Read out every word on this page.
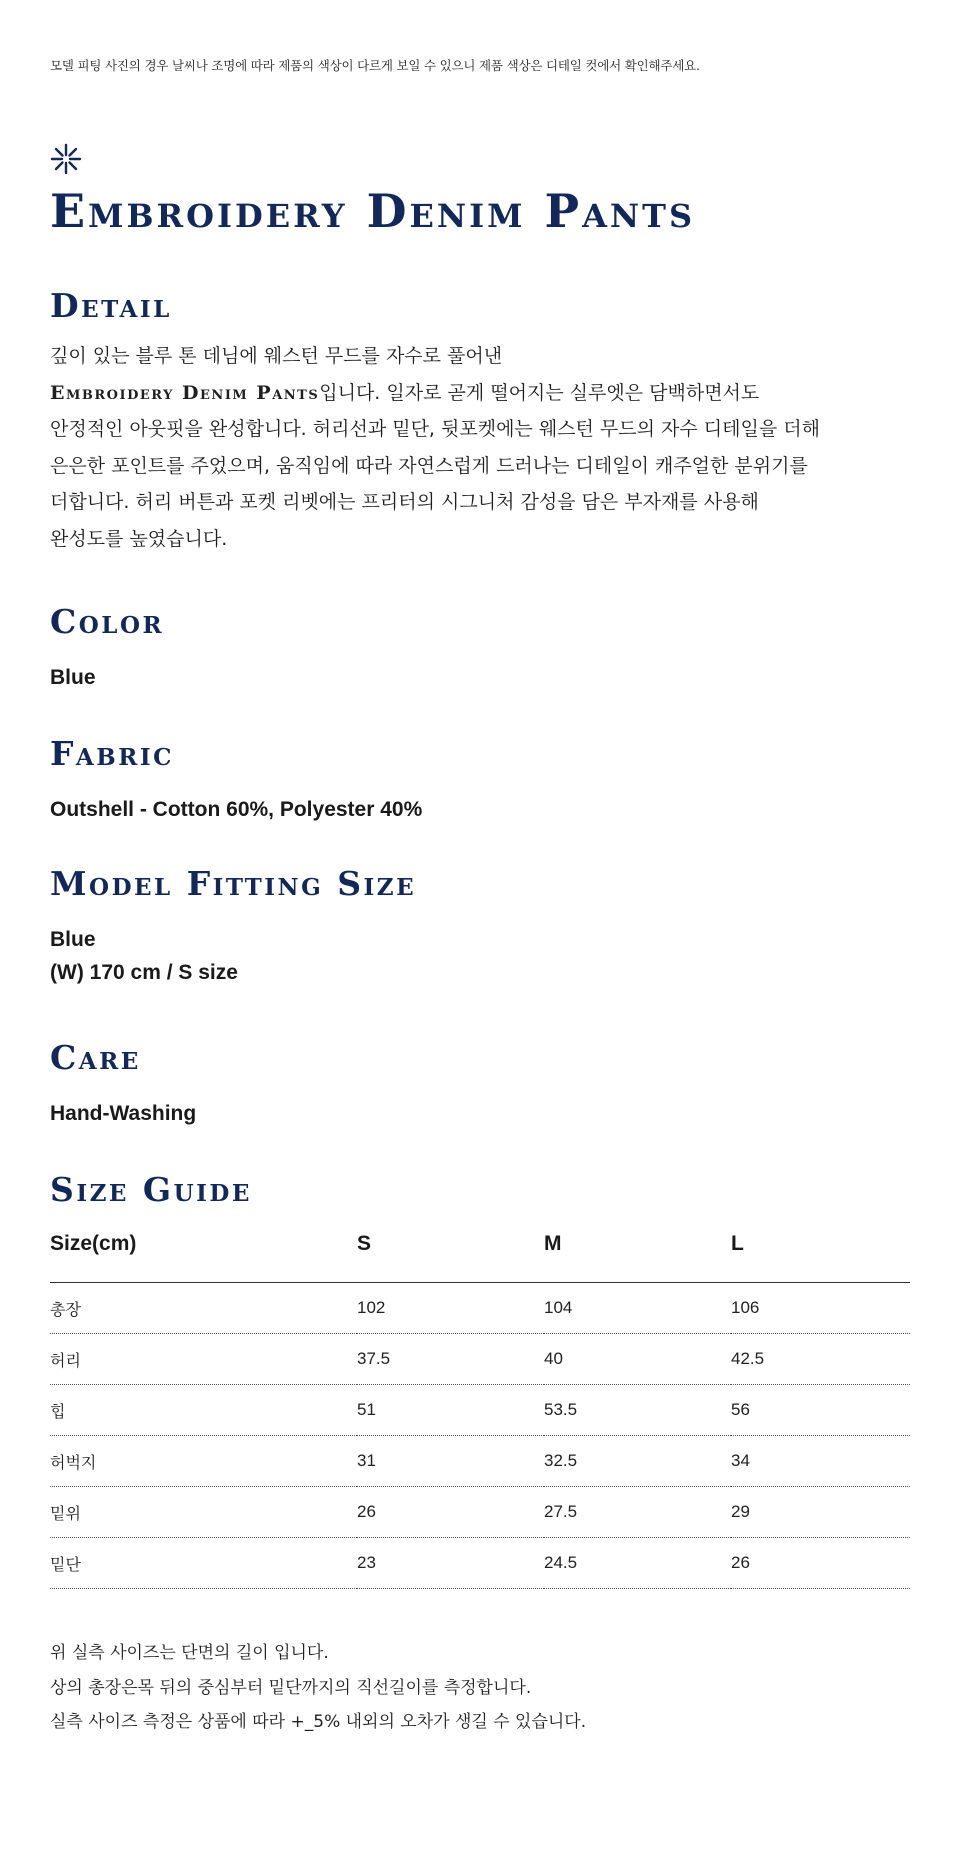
모델 피팅 사진의 경우 날씨나 조명에 따라 제품의 색상이 다르게 보일 수 있으니 제품 색상은 디테일 컷에서 확인해주세요.
Embroidery Denim Pants
Detail
깊이 있는 블루 톤 데님에 웨스턴 무드를 자수로 풀어낸
Embroidery Denim Pants입니다. 일자로 곧게 떨어지는 실루엣은 담백하면서도
안정적인 아웃핏을 완성합니다. 허리선과 밑단, 뒷포켓에는 웨스턴 무드의 자수 디테일을 더해
은은한 포인트를 주었으며, 움직임에 따라 자연스럽게 드러나는 디테일이 캐주얼한 분위기를
더합니다. 허리 버튼과 포켓 리벳에는 프리터의 시그니처 감성을 담은 부자재를 사용해
완성도를 높였습니다.
Color
Blue
Fabric
Outshell - Cotton 60%, Polyester 40%
Model Fitting Size
Blue
(W) 170 cm / S size
Care
Hand-Washing
Size Guide
Size(cm)	S	M	L
총장	102	104	106
허리	37.5	40	42.5
힙	51	53.5	56
허벅지	31	32.5	34
밑위	26	27.5	29
밑단	23	24.5	26
위 실측 사이즈는 단면의 길이 입니다.
상의 총장은목 뒤의 중심부터 밑단까지의 직선길이를 측정합니다.
실측 사이즈 측정은 상품에 따라 +_5% 내외의 오차가 생길 수 있습니다.
